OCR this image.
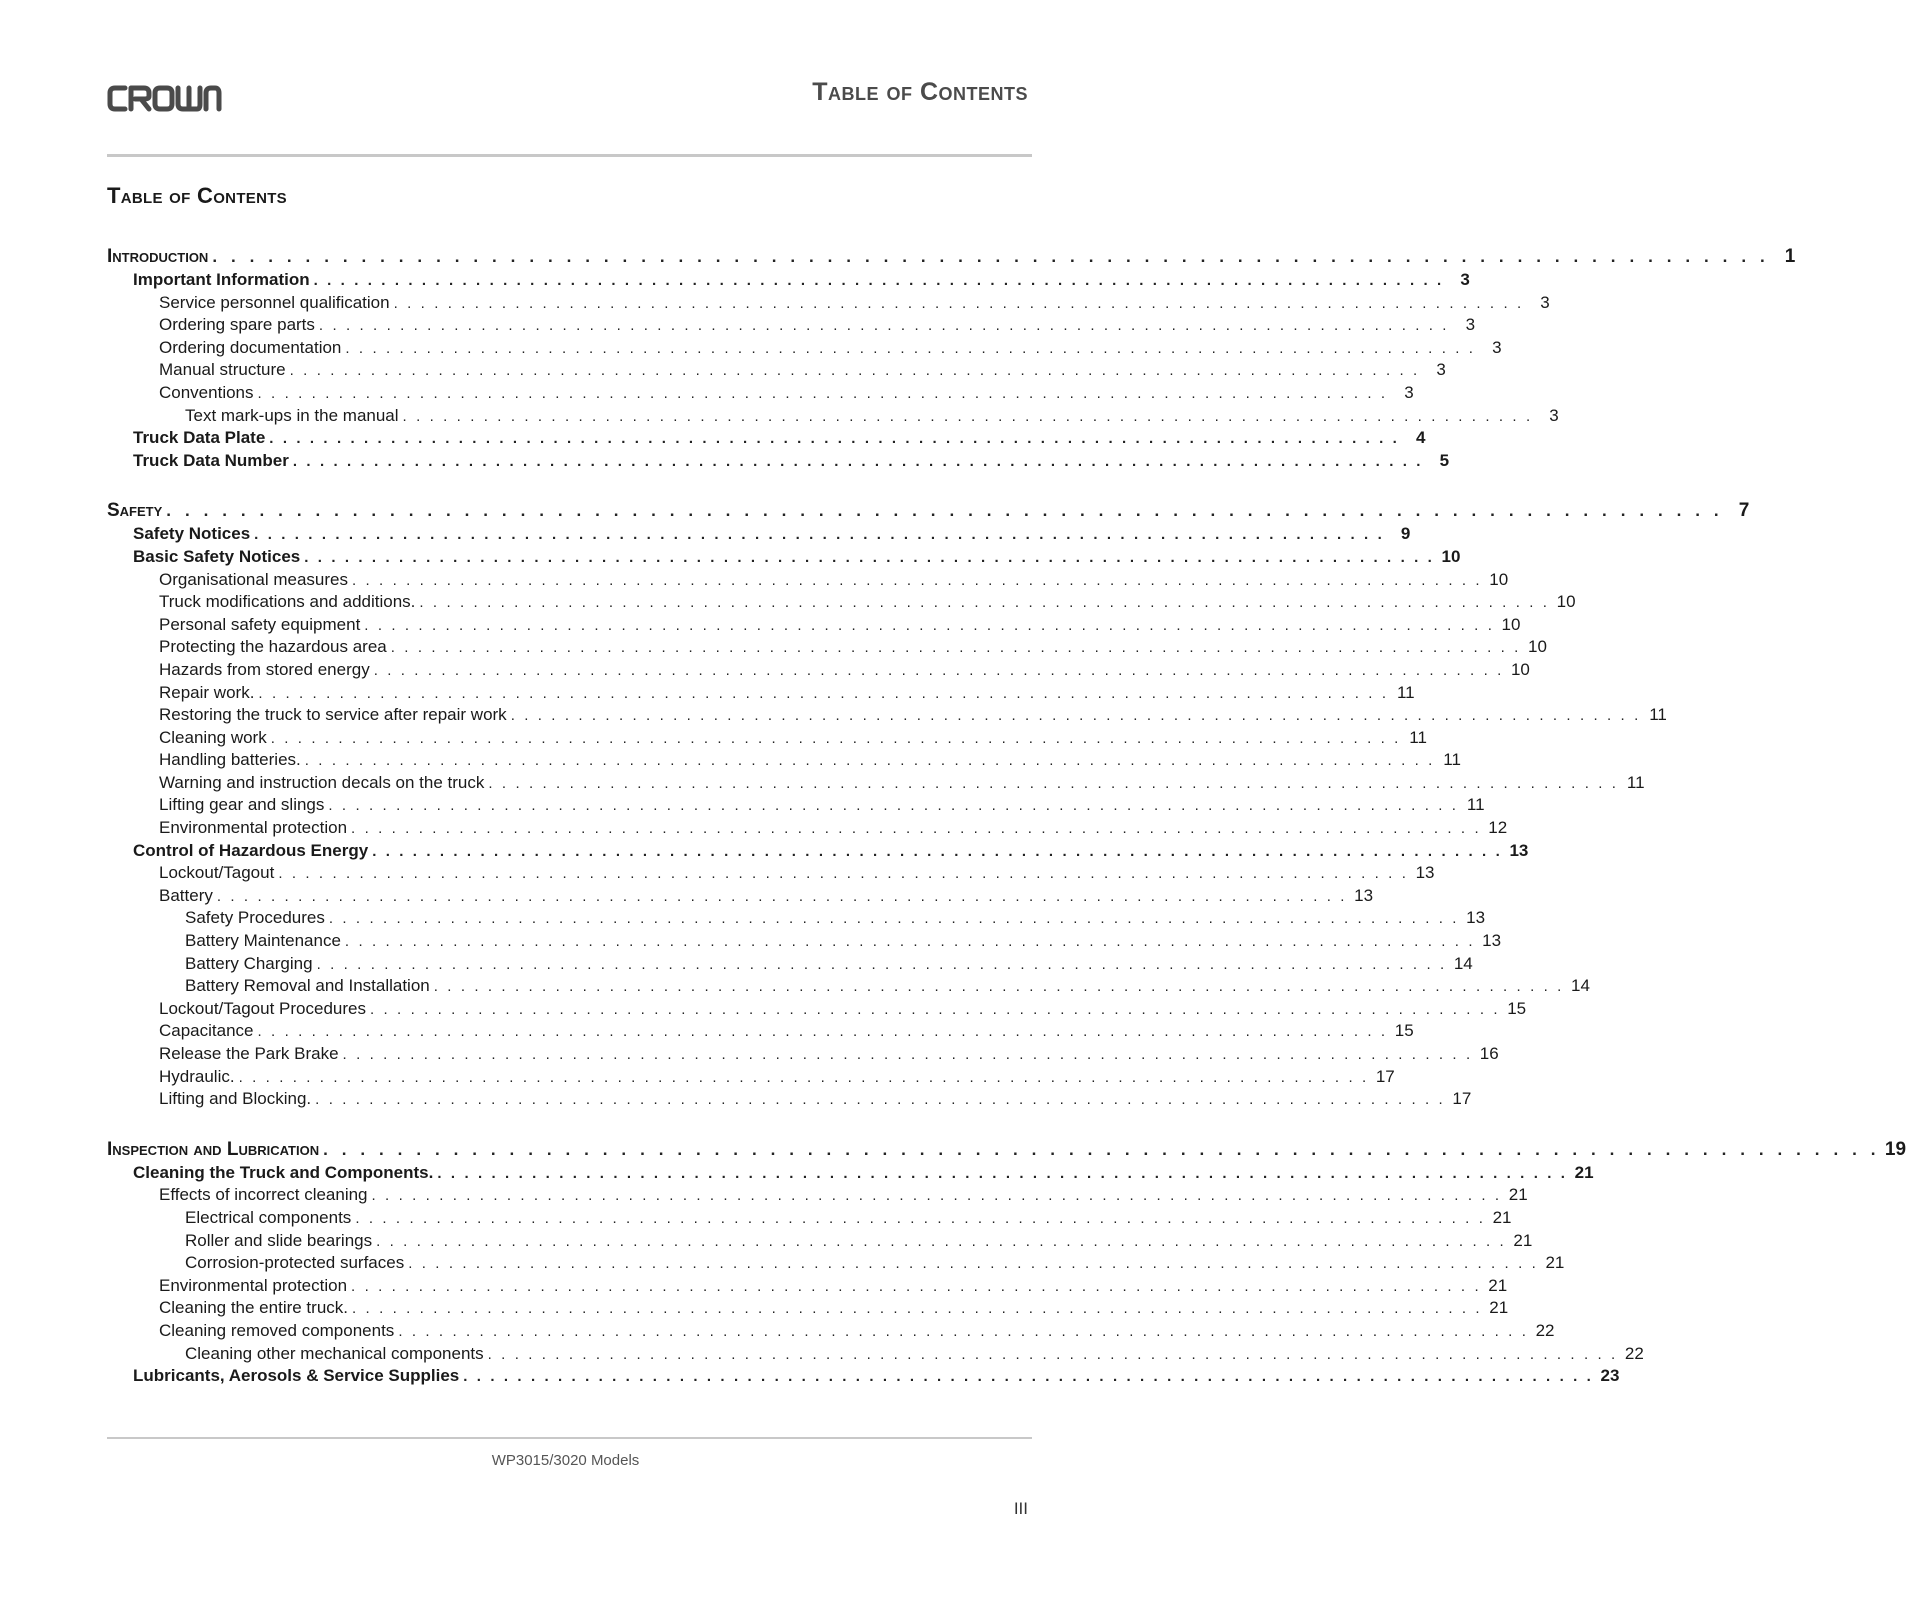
Table of Contents
Table of Contents
Introduction . . . . . . . . . . . . . . . . . . . . . . . . . . . . . . . . . . . . . . . . . . . . . . . . . . . . . . . . . . . . . . . . . . . . . . . . . . . . . . . . . . . . 1
Important Information . . . . . . . . . . . . . . . . . . . . . . . . . . . . . . . . . . . . . . . . . . . . . . . . . . . . . . . . . . . . . . . . . . . . . . . . . . . . . . . . . . . . 3
Service personnel qualification . . . . . . . . . . . . . . . . . . . . . . . . . . . . . . . . . . . . . . . . . . . . . . . . . . . . . . . . . . . . . . . . . . . . . . . . . . . . . . . . . . . . 3
Ordering spare parts . . . . . . . . . . . . . . . . . . . . . . . . . . . . . . . . . . . . . . . . . . . . . . . . . . . . . . . . . . . . . . . . . . . . . . . . . . . . . . . . . . . . 3
Ordering documentation . . . . . . . . . . . . . . . . . . . . . . . . . . . . . . . . . . . . . . . . . . . . . . . . . . . . . . . . . . . . . . . . . . . . . . . . . . . . . . . . . . . . 3
Manual structure . . . . . . . . . . . . . . . . . . . . . . . . . . . . . . . . . . . . . . . . . . . . . . . . . . . . . . . . . . . . . . . . . . . . . . . . . . . . . . . . . . . . 3
Conventions . . . . . . . . . . . . . . . . . . . . . . . . . . . . . . . . . . . . . . . . . . . . . . . . . . . . . . . . . . . . . . . . . . . . . . . . . . . . . . . . . . . . 3
Text mark-ups in the manual . . . . . . . . . . . . . . . . . . . . . . . . . . . . . . . . . . . . . . . . . . . . . . . . . . . . . . . . . . . . . . . . . . . . . . . . . . . . . . . . . . . . 3
Truck Data Plate . . . . . . . . . . . . . . . . . . . . . . . . . . . . . . . . . . . . . . . . . . . . . . . . . . . . . . . . . . . . . . . . . . . . . . . . . . . . . . . . . . . . 4
Truck Data Number . . . . . . . . . . . . . . . . . . . . . . . . . . . . . . . . . . . . . . . . . . . . . . . . . . . . . . . . . . . . . . . . . . . . . . . . . . . . . . . . . . . . 5
Safety . . . . . . . . . . . . . . . . . . . . . . . . . . . . . . . . . . . . . . . . . . . . . . . . . . . . . . . . . . . . . . . . . . . . . . . . . . . . . . . . . . . . 7
Safety Notices . . . . . . . . . . . . . . . . . . . . . . . . . . . . . . . . . . . . . . . . . . . . . . . . . . . . . . . . . . . . . . . . . . . . . . . . . . . . . . . . . . . . 9
Basic Safety Notices . . . . . . . . . . . . . . . . . . . . . . . . . . . . . . . . . . . . . . . . . . . . . . . . . . . . . . . . . . . . . . . . . . . . . . . . . . . . . . . . . . . . 10
Organisational measures . . . . . . . . . . . . . . . . . . . . . . . . . . . . . . . . . . . . . . . . . . . . . . . . . . . . . . . . . . . . . . . . . . . . . . . . . . . . . . . . . . . . 10
Truck modifications and additions. . . . . . . . . . . . . . . . . . . . . . . . . . . . . . . . . . . . . . . . . . . . . . . . . . . . . . . . . . . . . . . . . . . . . . . . . . . . . . . . . . . . . 10
Personal safety equipment . . . . . . . . . . . . . . . . . . . . . . . . . . . . . . . . . . . . . . . . . . . . . . . . . . . . . . . . . . . . . . . . . . . . . . . . . . . . . . . . . . . . 10
Protecting the hazardous area . . . . . . . . . . . . . . . . . . . . . . . . . . . . . . . . . . . . . . . . . . . . . . . . . . . . . . . . . . . . . . . . . . . . . . . . . . . . . . . . . . . . 10
Hazards from stored energy . . . . . . . . . . . . . . . . . . . . . . . . . . . . . . . . . . . . . . . . . . . . . . . . . . . . . . . . . . . . . . . . . . . . . . . . . . . . . . . . . . . . 10
Repair work. . . . . . . . . . . . . . . . . . . . . . . . . . . . . . . . . . . . . . . . . . . . . . . . . . . . . . . . . . . . . . . . . . . . . . . . . . . . . . . . . . . . . 11
Restoring the truck to service after repair work . . . . . . . . . . . . . . . . . . . . . . . . . . . . . . . . . . . . . . . . . . . . . . . . . . . . . . . . . . . . . . . . . . . . . . . . . . . . . . . . . . . . 11
Cleaning work . . . . . . . . . . . . . . . . . . . . . . . . . . . . . . . . . . . . . . . . . . . . . . . . . . . . . . . . . . . . . . . . . . . . . . . . . . . . . . . . . . . . 11
Handling batteries. . . . . . . . . . . . . . . . . . . . . . . . . . . . . . . . . . . . . . . . . . . . . . . . . . . . . . . . . . . . . . . . . . . . . . . . . . . . . . . . . . . . . 11
Warning and instruction decals on the truck . . . . . . . . . . . . . . . . . . . . . . . . . . . . . . . . . . . . . . . . . . . . . . . . . . . . . . . . . . . . . . . . . . . . . . . . . . . . . . . . . . . . 11
Lifting gear and slings . . . . . . . . . . . . . . . . . . . . . . . . . . . . . . . . . . . . . . . . . . . . . . . . . . . . . . . . . . . . . . . . . . . . . . . . . . . . . . . . . . . . 11
Environmental protection . . . . . . . . . . . . . . . . . . . . . . . . . . . . . . . . . . . . . . . . . . . . . . . . . . . . . . . . . . . . . . . . . . . . . . . . . . . . . . . . . . . . 12
Control of Hazardous Energy . . . . . . . . . . . . . . . . . . . . . . . . . . . . . . . . . . . . . . . . . . . . . . . . . . . . . . . . . . . . . . . . . . . . . . . . . . . . . . . . . . . . 13
Lockout/Tagout . . . . . . . . . . . . . . . . . . . . . . . . . . . . . . . . . . . . . . . . . . . . . . . . . . . . . . . . . . . . . . . . . . . . . . . . . . . . . . . . . . . . 13
Battery . . . . . . . . . . . . . . . . . . . . . . . . . . . . . . . . . . . . . . . . . . . . . . . . . . . . . . . . . . . . . . . . . . . . . . . . . . . . . . . . . . . . 13
Safety Procedures . . . . . . . . . . . . . . . . . . . . . . . . . . . . . . . . . . . . . . . . . . . . . . . . . . . . . . . . . . . . . . . . . . . . . . . . . . . . . . . . . . . . 13
Battery Maintenance . . . . . . . . . . . . . . . . . . . . . . . . . . . . . . . . . . . . . . . . . . . . . . . . . . . . . . . . . . . . . . . . . . . . . . . . . . . . . . . . . . . . 13
Battery Charging . . . . . . . . . . . . . . . . . . . . . . . . . . . . . . . . . . . . . . . . . . . . . . . . . . . . . . . . . . . . . . . . . . . . . . . . . . . . . . . . . . . . 14
Battery Removal and Installation . . . . . . . . . . . . . . . . . . . . . . . . . . . . . . . . . . . . . . . . . . . . . . . . . . . . . . . . . . . . . . . . . . . . . . . . . . . . . . . . . . . . 14
Lockout/Tagout Procedures . . . . . . . . . . . . . . . . . . . . . . . . . . . . . . . . . . . . . . . . . . . . . . . . . . . . . . . . . . . . . . . . . . . . . . . . . . . . . . . . . . . . 15
Capacitance . . . . . . . . . . . . . . . . . . . . . . . . . . . . . . . . . . . . . . . . . . . . . . . . . . . . . . . . . . . . . . . . . . . . . . . . . . . . . . . . . . . . 15
Release the Park Brake . . . . . . . . . . . . . . . . . . . . . . . . . . . . . . . . . . . . . . . . . . . . . . . . . . . . . . . . . . . . . . . . . . . . . . . . . . . . . . . . . . . . 16
Hydraulic. . . . . . . . . . . . . . . . . . . . . . . . . . . . . . . . . . . . . . . . . . . . . . . . . . . . . . . . . . . . . . . . . . . . . . . . . . . . . . . . . . . . . 17
Lifting and Blocking. . . . . . . . . . . . . . . . . . . . . . . . . . . . . . . . . . . . . . . . . . . . . . . . . . . . . . . . . . . . . . . . . . . . . . . . . . . . . . . . . . . . . 17
Inspection and Lubrication . . . . . . . . . . . . . . . . . . . . . . . . . . . . . . . . . . . . . . . . . . . . . . . . . . . . . . . . . . . . . . . . . . . . . . . . . . . . . . . . . . . . 19
Cleaning the Truck and Components. . . . . . . . . . . . . . . . . . . . . . . . . . . . . . . . . . . . . . . . . . . . . . . . . . . . . . . . . . . . . . . . . . . . . . . . . . . . . . . . . . . . . 21
Effects of incorrect cleaning . . . . . . . . . . . . . . . . . . . . . . . . . . . . . . . . . . . . . . . . . . . . . . . . . . . . . . . . . . . . . . . . . . . . . . . . . . . . . . . . . . . . 21
Electrical components . . . . . . . . . . . . . . . . . . . . . . . . . . . . . . . . . . . . . . . . . . . . . . . . . . . . . . . . . . . . . . . . . . . . . . . . . . . . . . . . . . . . 21
Roller and slide bearings . . . . . . . . . . . . . . . . . . . . . . . . . . . . . . . . . . . . . . . . . . . . . . . . . . . . . . . . . . . . . . . . . . . . . . . . . . . . . . . . . . . . 21
Corrosion-protected surfaces . . . . . . . . . . . . . . . . . . . . . . . . . . . . . . . . . . . . . . . . . . . . . . . . . . . . . . . . . . . . . . . . . . . . . . . . . . . . . . . . . . . . 21
Environmental protection . . . . . . . . . . . . . . . . . . . . . . . . . . . . . . . . . . . . . . . . . . . . . . . . . . . . . . . . . . . . . . . . . . . . . . . . . . . . . . . . . . . . 21
Cleaning the entire truck. . . . . . . . . . . . . . . . . . . . . . . . . . . . . . . . . . . . . . . . . . . . . . . . . . . . . . . . . . . . . . . . . . . . . . . . . . . . . . . . . . . . . 21
Cleaning removed components . . . . . . . . . . . . . . . . . . . . . . . . . . . . . . . . . . . . . . . . . . . . . . . . . . . . . . . . . . . . . . . . . . . . . . . . . . . . . . . . . . . . 22
Cleaning other mechanical components . . . . . . . . . . . . . . . . . . . . . . . . . . . . . . . . . . . . . . . . . . . . . . . . . . . . . . . . . . . . . . . . . . . . . . . . . . . . . . . . . . . . 22
Lubricants, Aerosols & Service Supplies . . . . . . . . . . . . . . . . . . . . . . . . . . . . . . . . . . . . . . . . . . . . . . . . . . . . . . . . . . . . . . . . . . . . . . . . . . . . . . . . . . . . 23
WP3015/3020 Models
III
